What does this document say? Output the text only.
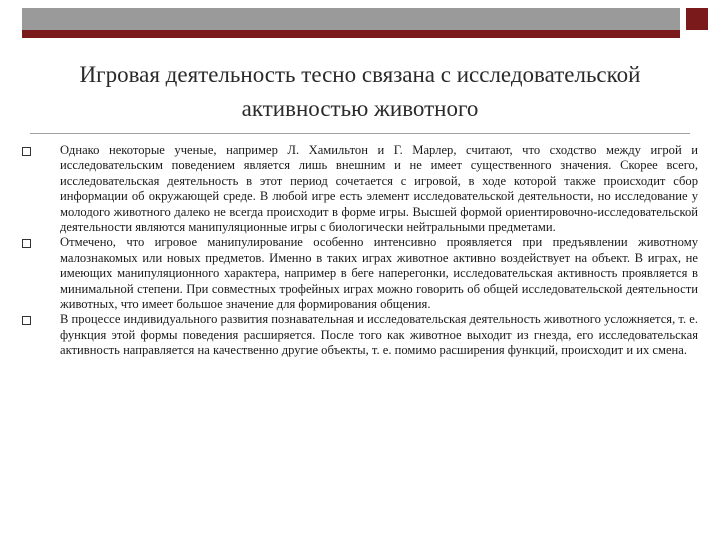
Игровая деятельность тесно связана с исследовательской активностью животного
Однако некоторые ученые, например Л. Хамильтон и Г. Марлер, считают, что сходство между игрой и исследовательским поведением является лишь внешним и не имеет существенного значения. Скорее всего, исследовательская деятельность в этот период сочетается с игровой, в ходе которой также происходит сбор информации об окружающей среде. В любой игре есть элемент исследовательской деятельности, но исследование у молодого животного далеко не всегда происходит в форме игры. Высшей формой ориентировочно-исследовательской деятельности являются манипуляционные игры с биологически нейтральными предметами.
Отмечено, что игровое манипулирование особенно интенсивно проявляется при предъявлении животному малознакомых или новых предметов. Именно в таких играх животное активно воздействует на объект. В играх, не имеющих манипуляционного характера, например в беге наперегонки, исследовательская активность проявляется в минимальной степени. При совместных трофейных играх можно говорить об общей исследовательской деятельности животных, что имеет большое значение для формирования общения.
В процессе индивидуального развития познавательная и исследовательская деятельность животного усложняется, т. е. функция этой формы поведения расширяется. После того как животное выходит из гнезда, его исследовательская активность направляется на качественно другие объекты, т. е. помимо расширения функций, происходит и их смена.
